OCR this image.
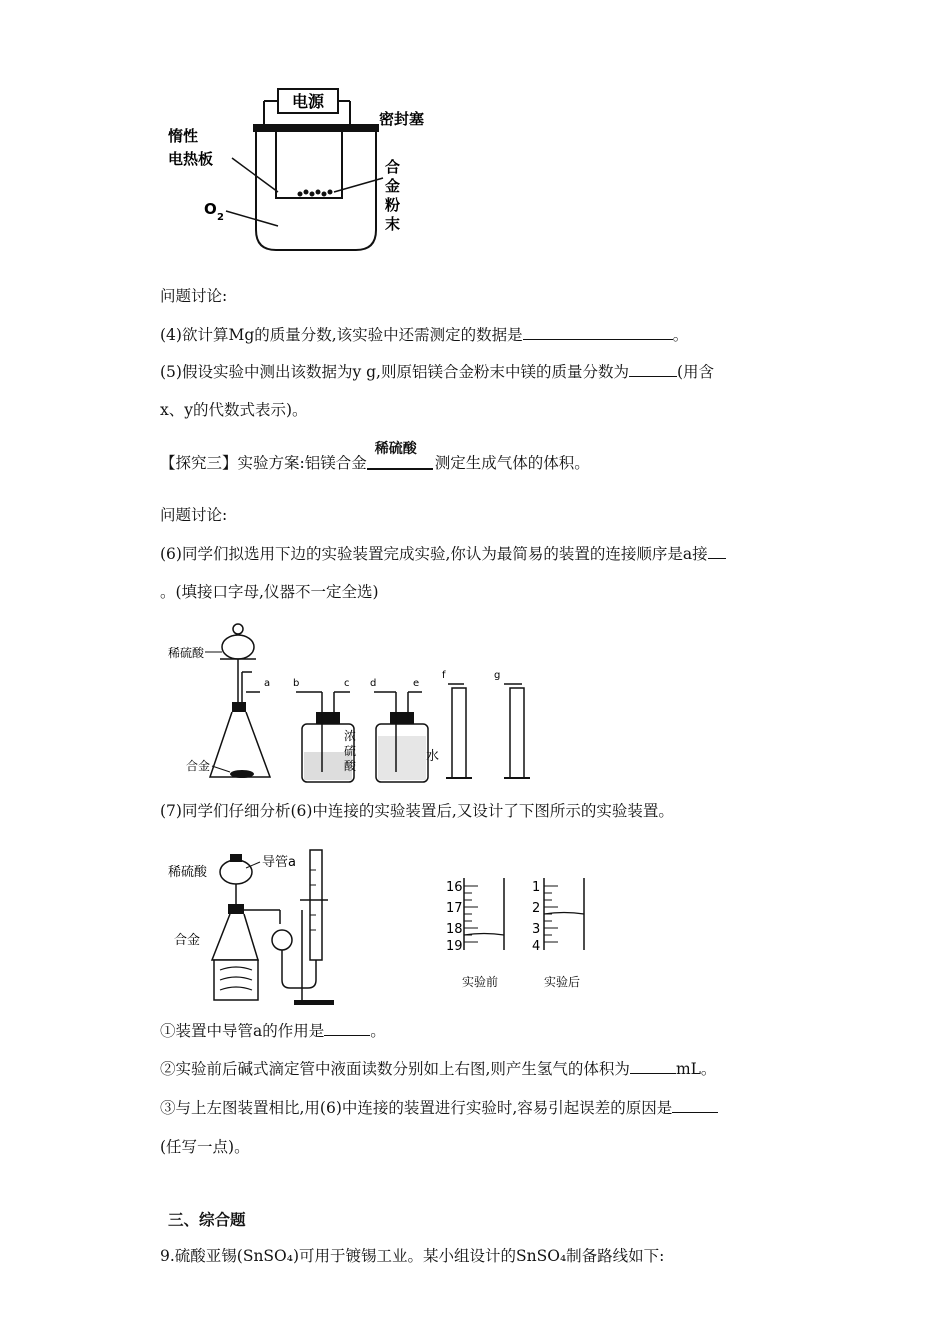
电源
密封塞
惰性
电热板	合
金
粉
末
O 2
问题讨论:
(4)欲计算Mg的质量分数,该实验中还需测定的数据是	。
(5)假设实验中测出该数据为y g,则原铝镁合金粉末中镁的质量分数为	(用含
x、y的代数式表示)。
【探究三】实验方案:铝镁合金
稀硫酸
测定生成气体的体积。
问题讨论:
(6)同学们拟选用下边的实验装置完成实验,你认为最简易的装置的连接顺序是a接
。(填接口字母,仪器不一定全选)
稀硫酸
a
合金
b	c
浓
硫
酸
d	e
水
f	g
(7)同学们仔细分析(6)中连接的实验装置后,又设计了下图所示的实验装置。
稀硫酸
导管a
合金
16
17
18
19
实验前
1
2
3
4
实验后
①装置中导管a的作用是	。
②实验前后碱式滴定管中液面读数分别如上右图,则产生氢气的体积为	mL。
③与上左图装置相比,用(6)中连接的装置进行实验时,容易引起误差的原因是
(任写一点)。
三、综合题
9.硫酸亚锡(SnSO₄)可用于镀锡工业。某小组设计的SnSO₄制备路线如下:
